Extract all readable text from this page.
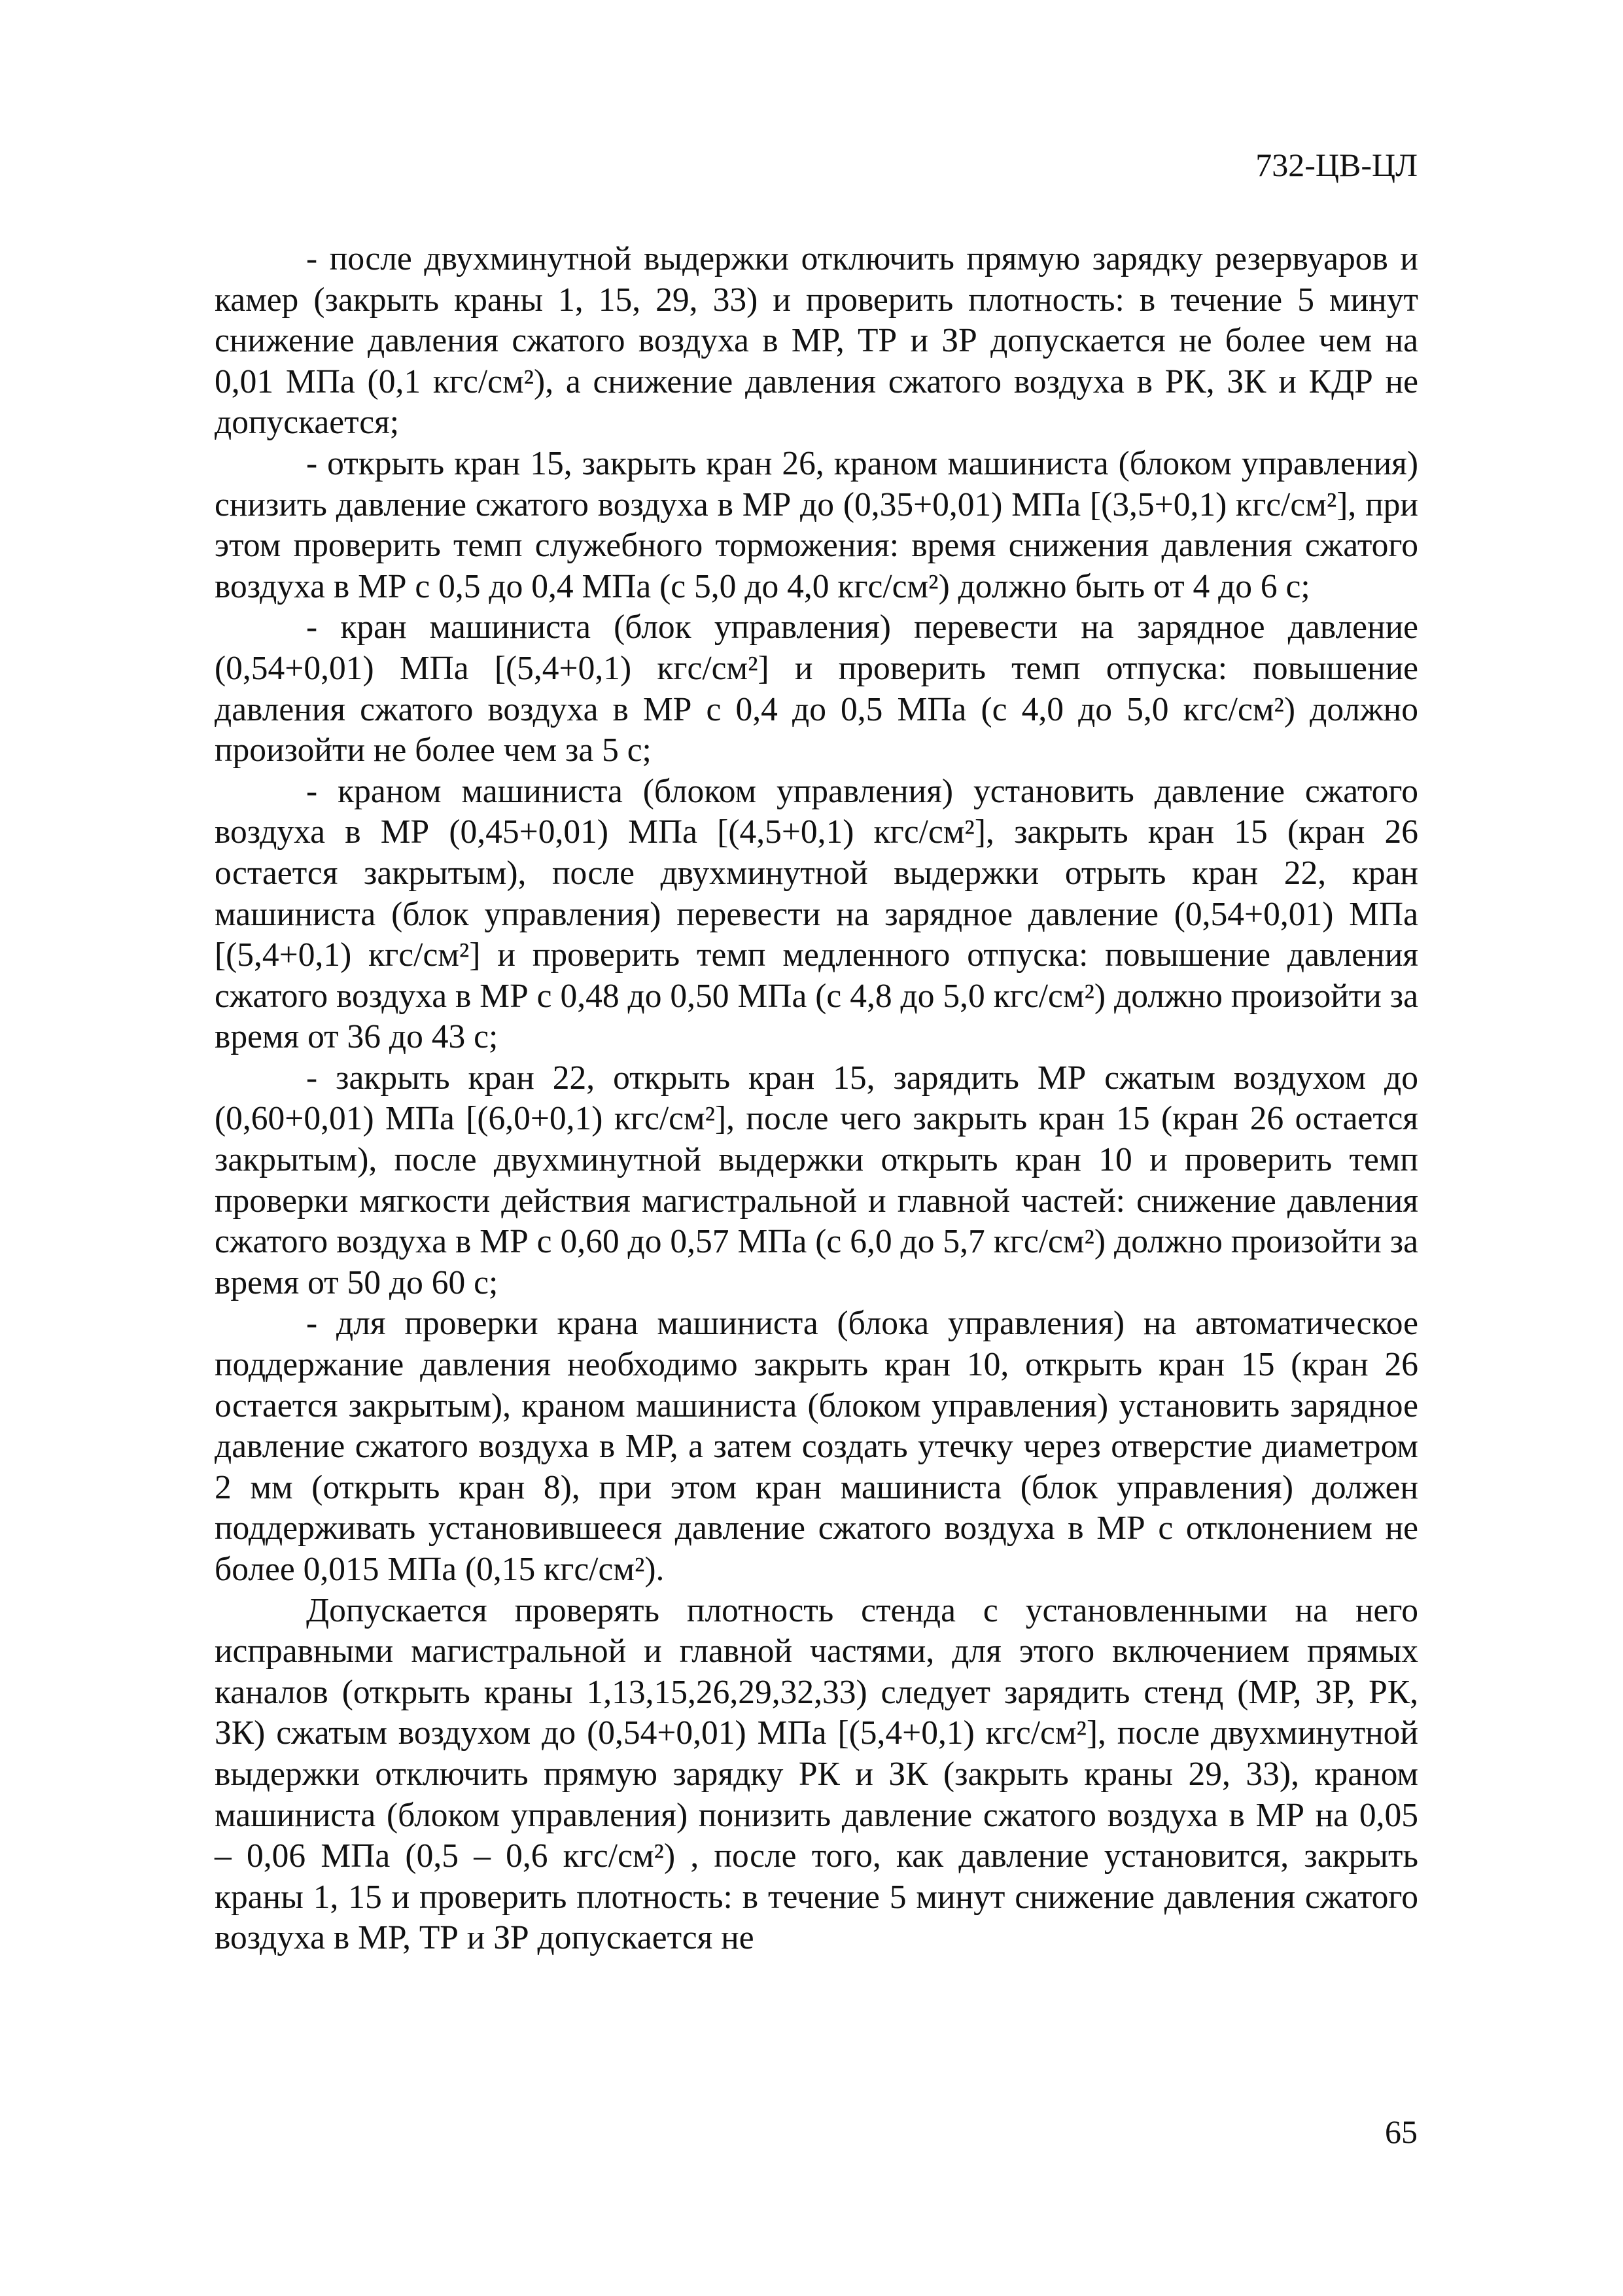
732-ЦВ-ЦЛ

- после двухминутной выдержки отключить прямую зарядку резервуаров и камер (закрыть краны 1, 15, 29, 33) и проверить плотность: в течение 5 минут снижение давления сжатого воздуха в МР, ТР и ЗР допускается не более чем на 0,01 МПа (0,1 кгс/см²), а снижение давления сжатого воздуха в РК, ЗК и КДР не допускается;

- открыть кран 15, закрыть кран 26, краном машиниста (блоком управления) снизить давление сжатого воздуха в МР до (0,35+0,01) МПа [(3,5+0,1) кгс/см²], при этом проверить темп служебного торможения: время снижения давления сжатого воздуха в МР с 0,5 до 0,4 МПа (с 5,0 до 4,0 кгс/см²) должно быть от 4 до 6 с;

- кран машиниста (блок управления) перевести на зарядное давление (0,54+0,01) МПа [(5,4+0,1) кгс/см²] и проверить темп отпуска: повышение давления сжатого воздуха в МР с 0,4 до 0,5 МПа (с 4,0 до 5,0 кгс/см²) должно произойти не более чем за 5 с;

- краном машиниста (блоком управления) установить давление сжатого воздуха в МР (0,45+0,01) МПа [(4,5+0,1) кгс/см²], закрыть кран 15 (кран 26 остается закрытым), после двухминутной выдержки отрыть кран 22, кран машиниста (блок управления) перевести на зарядное давление (0,54+0,01) МПа [(5,4+0,1) кгс/см²] и проверить темп медленного отпуска: повышение давления сжатого воздуха в МР с 0,48 до 0,50 МПа (с 4,8 до 5,0 кгс/см²) должно произойти за время от 36 до 43 с;

- закрыть кран 22, открыть кран 15, зарядить МР сжатым воздухом до (0,60+0,01) МПа [(6,0+0,1) кгс/см²], после чего закрыть кран 15 (кран 26 остается закрытым), после двухминутной выдержки открыть кран 10 и проверить темп проверки мягкости действия магистральной и главной частей: снижение давления сжатого воздуха в МР с 0,60 до 0,57 МПа (с 6,0 до 5,7 кгс/см²) должно произойти за время от 50 до 60 с;

- для проверки крана машиниста (блока управления) на автоматическое поддержание давления необходимо закрыть кран 10, открыть кран 15 (кран 26 остается закрытым), краном машиниста (блоком управления) установить зарядное давление сжатого воздуха в МР, а затем создать утечку через отверстие диаметром 2 мм (открыть кран 8), при этом кран машиниста (блок управления) должен поддерживать установившееся давление сжатого воздуха в МР с отклонением не более 0,015 МПа (0,15 кгс/см²).

Допускается проверять плотность стенда с установленными на него исправными магистральной и главной частями, для этого включением прямых каналов (открыть краны 1,13,15,26,29,32,33) следует зарядить стенд (МР, ЗР, РК, ЗК) сжатым воздухом до (0,54+0,01) МПа [(5,4+0,1) кгс/см²], после двухминутной выдержки отключить прямую зарядку РК и ЗК (закрыть краны 29, 33), краном машиниста (блоком управления) понизить давление сжатого воздуха в МР на 0,05 – 0,06 МПа (0,5 – 0,6 кгс/см²) , после того, как давление установится, закрыть краны 1, 15 и проверить плотность: в течение 5 минут снижение давления сжатого воздуха в МР, ТР и ЗР допускается не

65
